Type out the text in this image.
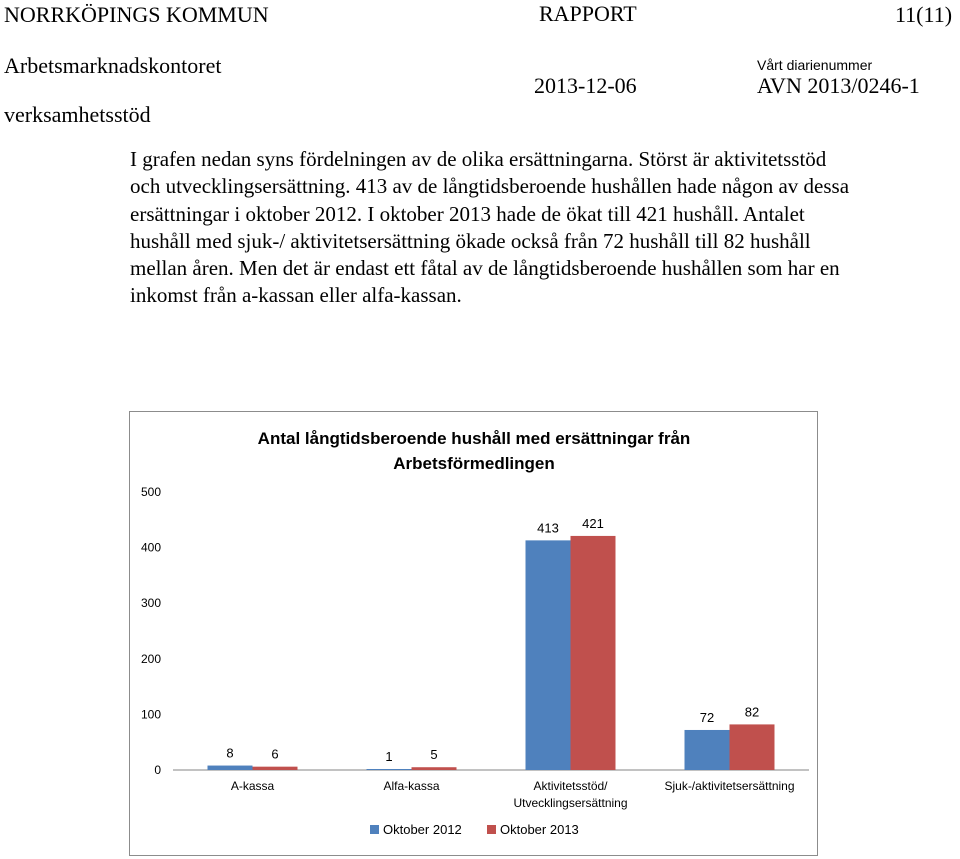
NORRKÖPINGS KOMMUN	RAPPORT	11(11)
Arbetsmarknadskontoret	Vårt diarienummer
verksamhetsstöd
2013-12-06	AVN 2013/0246-1

I grafen nedan syns fördelningen av de olika ersättningarna. Störst är aktivitetsstöd och utvecklingsersättning. 413 av de långtidsberoende hushållen hade någon av dessa ersättningar i oktober 2012. I oktober 2013 hade de ökat till 421 hushåll. Antalet hushåll med sjuk-/ aktivitetsersättning ökade också från 72 hushåll till 82 hushåll mellan åren. Men det är endast ett fåtal av de långtidsberoende hushållen som har en inkomst från a-kassan eller alfa-kassan.

Antal långtidsberoende hushåll med ersättningar från
Arbetsförmedlingen
0
100
200
300
400
500
8	6
A-kassa
1	5
Alfa-kassa
413 421
Aktivitetsstöd/
Utvecklingsersättning
72 82
Sjuk-/aktivitetsersättning
Oktober 2012	Oktober 2013
